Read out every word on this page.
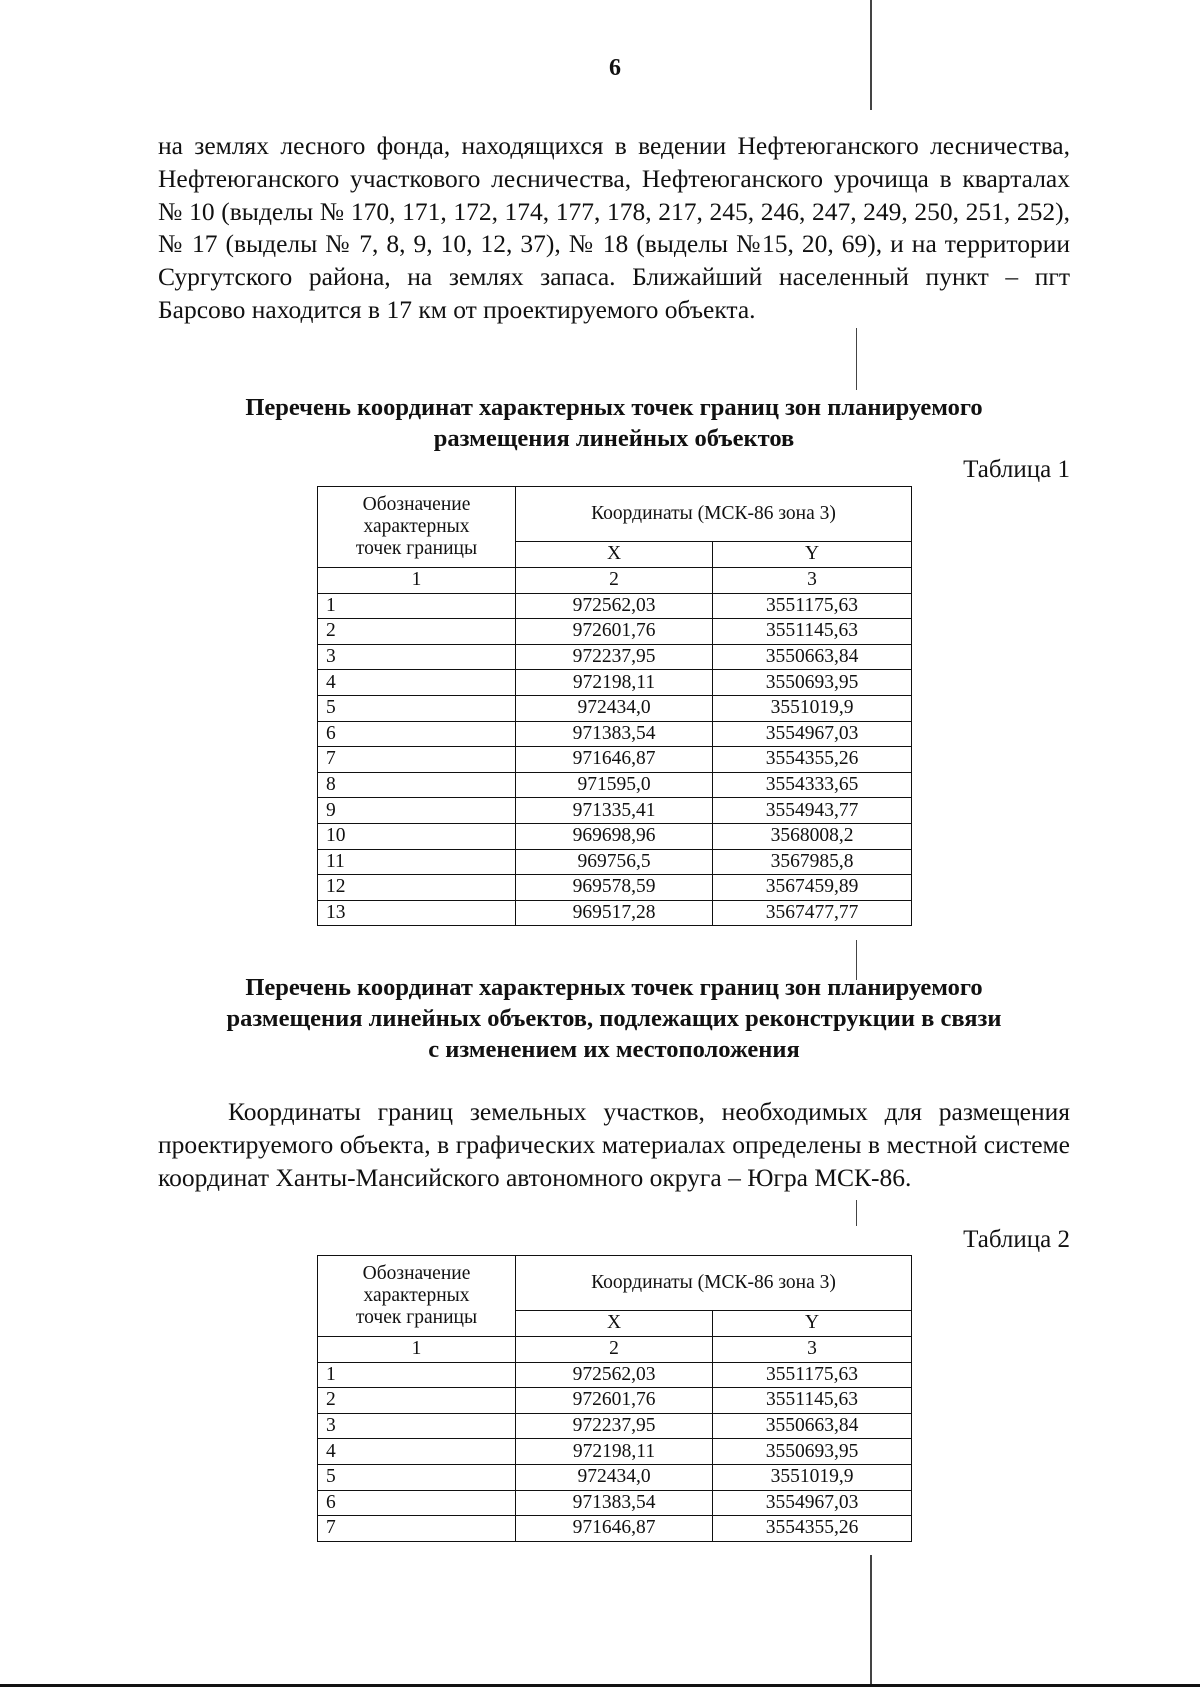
6
на землях лесного фонда, находящихся в ведении Нефтеюганского лесничества, Нефтеюганского участкового лесничества, Нефтеюганского урочища в кварталах № 10 (выделы № 170, 171, 172, 174, 177, 178, 217, 245, 246, 247, 249, 250, 251, 252), № 17 (выделы № 7, 8, 9, 10, 12, 37), № 18 (выделы №15, 20, 69), и на территории Сургутского района, на землях запаса. Ближайший населенный пункт – пгт Барсово находится в 17 км от проектируемого объекта.
Перечень координат характерных точек границ зон планируемого
размещения линейных объектов
Таблица 1
Обозначение характерных точек границы	Координаты (МСК-86 зона 3)	
	X	Y
1	2	3
1	972562,03	3551175,63
2	972601,76	3551145,63
3	972237,95	3550663,84
4	972198,11	3550693,95
5	972434,0	3551019,9
6	971383,54	3554967,03
7	971646,87	3554355,26
8	971595,0	3554333,65
9	971335,41	3554943,77
10	969698,96	3568008,2
11	969756,5	3567985,8
12	969578,59	3567459,89
13	969517,28	3567477,77
Перечень координат характерных точек границ зон планируемого
размещения линейных объектов, подлежащих реконструкции в связи
с изменением их местоположения
Координаты границ земельных участков, необходимых для размещения проектируемого объекта, в графических материалах определены в местной системе координат Ханты-Мансийского автономного округа – Югра МСК-86.
Таблица 2
Обозначение характерных точек границы	Координаты (МСК-86 зона 3)	
	X	Y
1	2	3
1	972562,03	3551175,63
2	972601,76	3551145,63
3	972237,95	3550663,84
4	972198,11	3550693,95
5	972434,0	3551019,9
6	971383,54	3554967,03
7	971646,87	3554355,26
